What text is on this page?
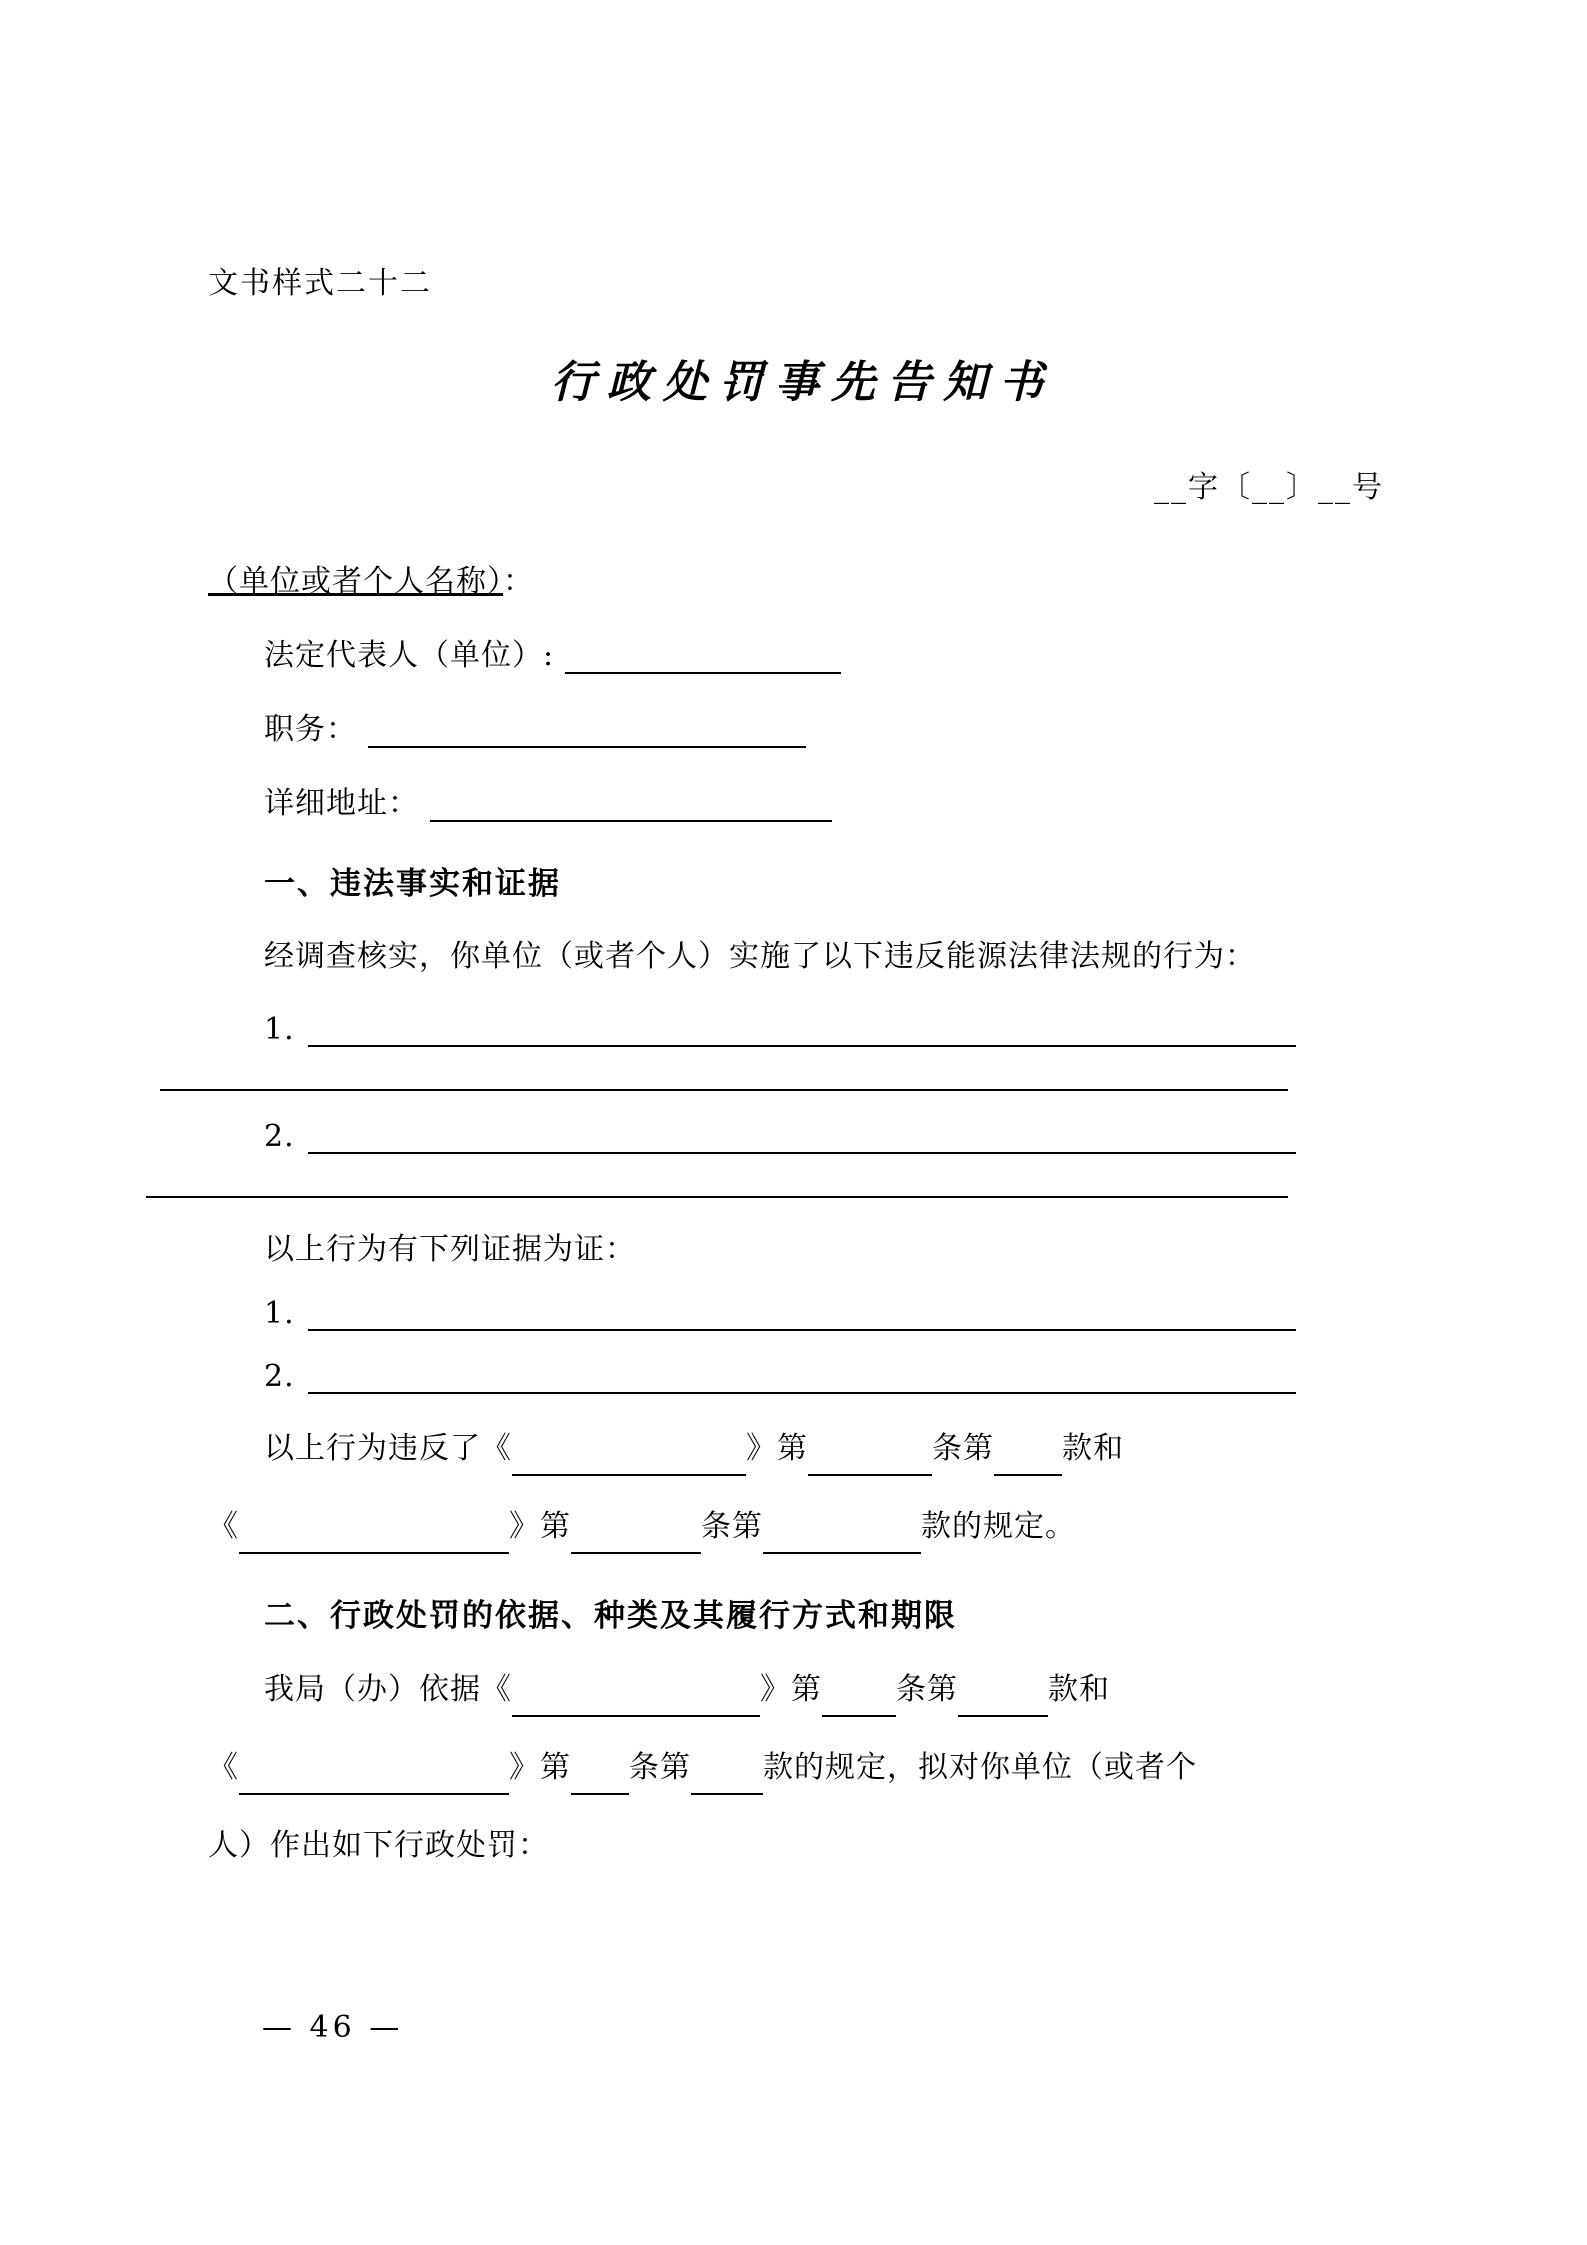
文书样式二十二
行政处罚事先告知书
__字〔__〕__号
（单位或者个人名称）：
法定代表人（单位）:
职务：
详细地址：
一、违法事实和证据
经调查核实，你单位（或者个人）实施了以下违反能源法律法规的行为：
1.
2.
以上行为有下列证据为证：
1.
2.
以上行为违反了《	》第	条第 款和
《	》第	条第	款的规定。
二、行政处罚的依据、种类及其履行方式和期限
我局（办）依据《	》第 条第	款和
《	》第 条第 款的规定，拟对你单位（或者个
人）作出如下行政处罚：
— 46 —
